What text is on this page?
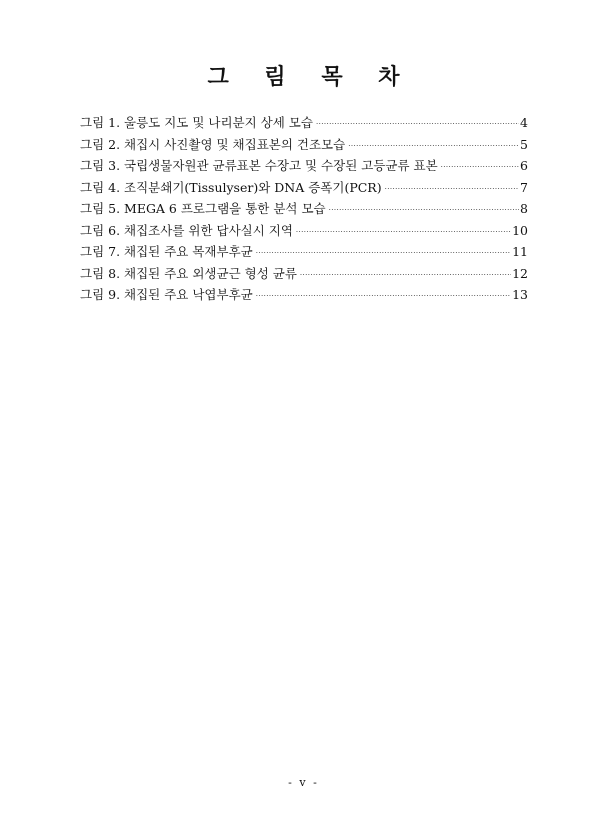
그 림 목 차
그림 1. 울릉도 지도 및 나리분지 상세 모습 ·····	4
그림 2. 채집시 사진촬영 및 채집표본의 건조모습 ·····	5
그림 3. 국립생물자원관 균류표본 수장고 및 수장된 고등균류 표본 ·····	6
그림 4. 조직분쇄기(Tissulyser)와 DNA 증폭기(PCR) ·····	7
그림 5. MEGA 6 프로그램을 통한 분석 모습 ·····	8
그림 6. 채집조사를 위한 답사실시 지역 ·····	10
그림 7. 채집된 주요 목재부후균 ·····	11
그림 8. 채집된 주요 외생균근 형성 균류 ·····	12
그림 9. 채집된 주요 낙엽부후균 ·····	13
- v -
